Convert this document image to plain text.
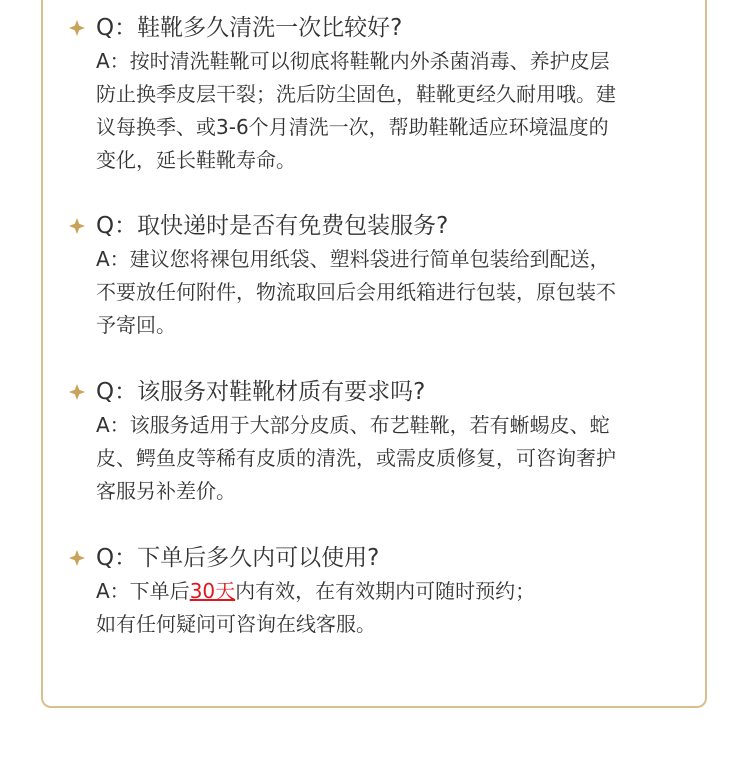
Q：鞋靴多久清洗一次比较好?
A：按时清洗鞋靴可以彻底将鞋靴内外杀菌消毒、养护皮层
防止换季皮层干裂；洗后防尘固色，鞋靴更经久耐用哦。建
议每换季、或3-6个月清洗一次，帮助鞋靴适应环境温度的
变化，延长鞋靴寿命。
Q：取快递时是否有免费包装服务?
A：建议您将裸包用纸袋、塑料袋进行简单包装给到配送，
不要放任何附件，物流取回后会用纸箱进行包装，原包装不
予寄回。
Q：该服务对鞋靴材质有要求吗?
A：该服务适用于大部分皮质、布艺鞋靴，若有蜥蜴皮、蛇
皮、鳄鱼皮等稀有皮质的清洗，或需皮质修复，可咨询奢护
客服另补差价。
Q：下单后多久内可以使用?
A：下单后30天内有效，在有效期内可随时预约；
如有任何疑问可咨询在线客服。
